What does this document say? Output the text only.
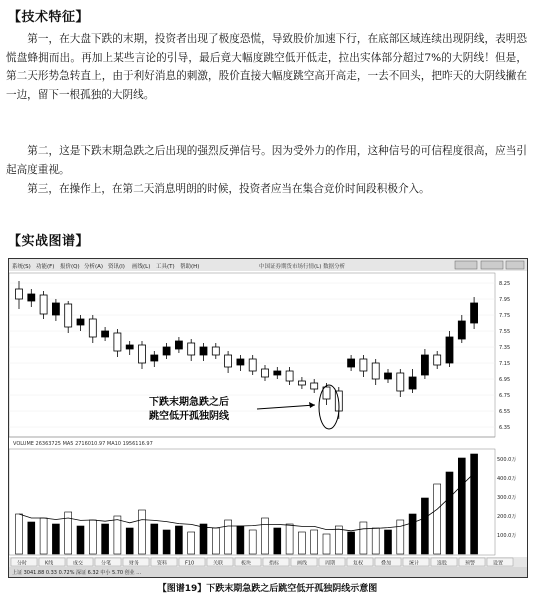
【技术特征】

第一，在大盘下跌的末期，投资者出现了极度恐慌，导致股价加速下行，在底部区域连续出现阴线，表明恐慌盘蜂拥而出。再加上某些言论的引导，最后竟大幅度跳空低开低走，拉出实体部分超过7%的大阴线！但是，第二天形势急转直上，由于利好消息的刺激，股价直接大幅度跳空高开高走，一去不回头，把昨天的大阴线撇在一边，留下一根孤独的大阴线。

第二，这是下跌末期急跌之后出现的强烈反弹信号。因为受外力的作用，这种信号的可信程度很高，应当引起高度重视。

第三，在操作上，在第二天消息明朗的时候，投资者应当在集合竞价时间段积极介入。

【实战图谱】
系统(S) 功能(F) 报价(Q) 分析(A) 资讯(I) 画线(L) 工具(T) 帮助(H)	中国证券期货市场行情(L) 数据分析
8.25
7.95
7.75
7.55
7.35
7.15
6.95
6.75
6.55
6.35
下跌末期急跌之后
跳空低开孤独阴线
VOLUME 26363725 MA5 2716010.97 MA10 1956116.97
500.0万
400.0万
300.0万
200.0万
100.0万
分时	K线	成交	分笔	财务	资料	F10	关联	板块	指标	画线	周期	复权	叠加	统计	选股	预警	设置
上证 3041.88 0.33 0.72% 深证 6.32 中小 5.70 创业 ...
【图谱19】下跌末期急跌之后跳空低开孤独阴线示意图
